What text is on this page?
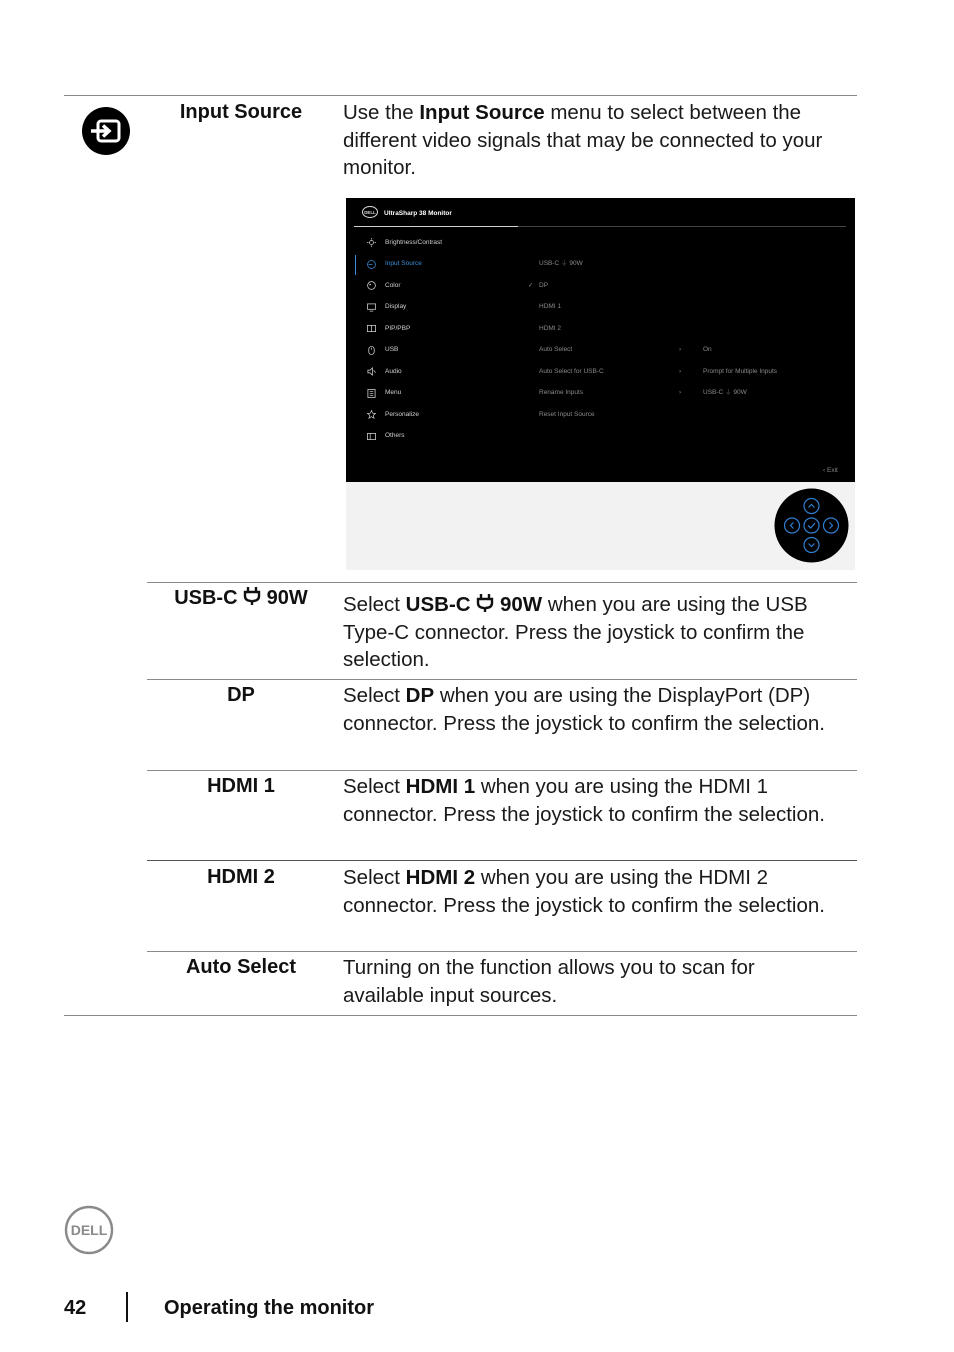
Input Source	Use the Input Source menu to select between the different video signals that may be connected to your monitor.
DELL UltraSharp 38 Monitor
Brightness/Contrast
Input Source
Color
Display
PIP/PBP
USB
Audio
Menu
Personalize
Others
USB-C ⏚ 90W
✓ DP
HDMI 1
HDMI 2
Auto Select
Auto Select for USB-C
Rename Inputs
Reset Input Source
›
›
›
On
Prompt for Multiple Inputs
USB-C ⏚ 90W
‹ Exit
USB-C 90W	Select USB-C 90W when you are using the USB Type-C connector. Press the joystick to confirm the selection.
DP	Select DP when you are using the DisplayPort (DP) connector. Press the joystick to confirm the selection.
HDMI 1	Select HDMI 1 when you are using the HDMI 1 connector. Press the joystick to confirm the selection.
HDMI 2	Select HDMI 2 when you are using the HDMI 2 connector. Press the joystick to confirm the selection.
Auto Select	Turning on the function allows you to scan for available input sources.
DELL
42	Operating the monitor
